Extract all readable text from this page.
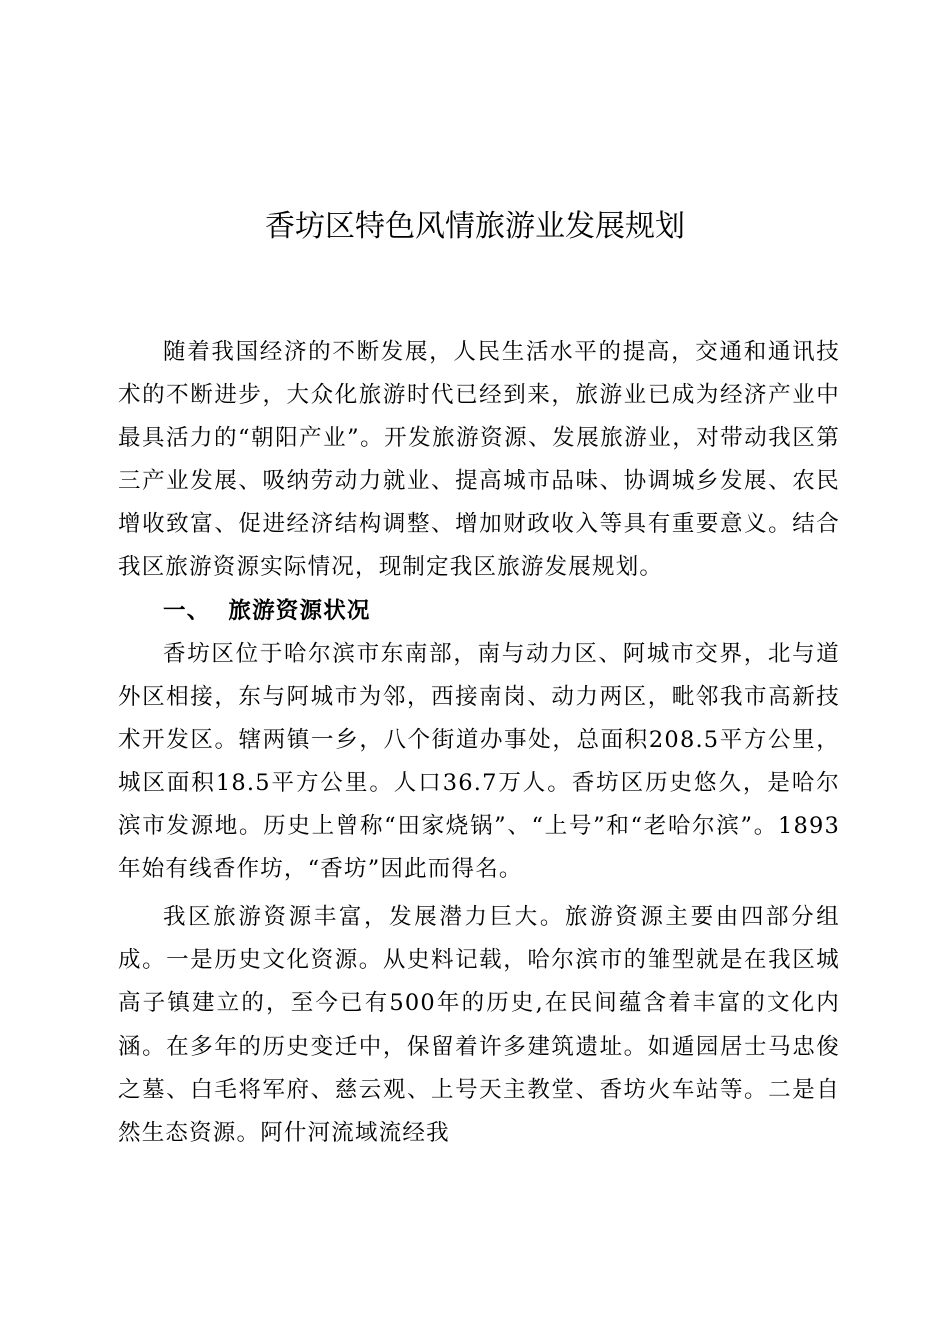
香坊区特色风情旅游业发展规划

随着我国经济的不断发展，人民生活水平的提高，交通和通讯技术的不断进步，大众化旅游时代已经到来，旅游业已成为经济产业中最具活力的“朝阳产业”。开发旅游资源、发展旅游业，对带动我区第三产业发展、吸纳劳动力就业、提高城市品味、协调城乡发展、农民增收致富、促进经济结构调整、增加财政收入等具有重要意义。结合我区旅游资源实际情况，现制定我区旅游发展规划。

一、 旅游资源状况

香坊区位于哈尔滨市东南部，南与动力区、阿城市交界，北与道外区相接，东与阿城市为邻，西接南岗、动力两区，毗邻我市高新技术开发区。辖两镇一乡，八个街道办事处，总面积208.5平方公里，城区面积18.5平方公里。人口36.7万人。香坊区历史悠久，是哈尔滨市发源地。历史上曾称“田家烧锅”、“上号”和“老哈尔滨”。1893年始有线香作坊，“香坊”因此而得名。

我区旅游资源丰富，发展潜力巨大。旅游资源主要由四部分组成。一是历史文化资源。从史料记载，哈尔滨市的雏型就是在我区城高子镇建立的，至今已有500年的历史,在民间蕴含着丰富的文化内涵。在多年的历史变迁中，保留着许多建筑遗址。如遁园居士马忠俊之墓、白毛将军府、慈云观、上号天主教堂、香坊火车站等。二是自然生态资源。阿什河流域流经我
